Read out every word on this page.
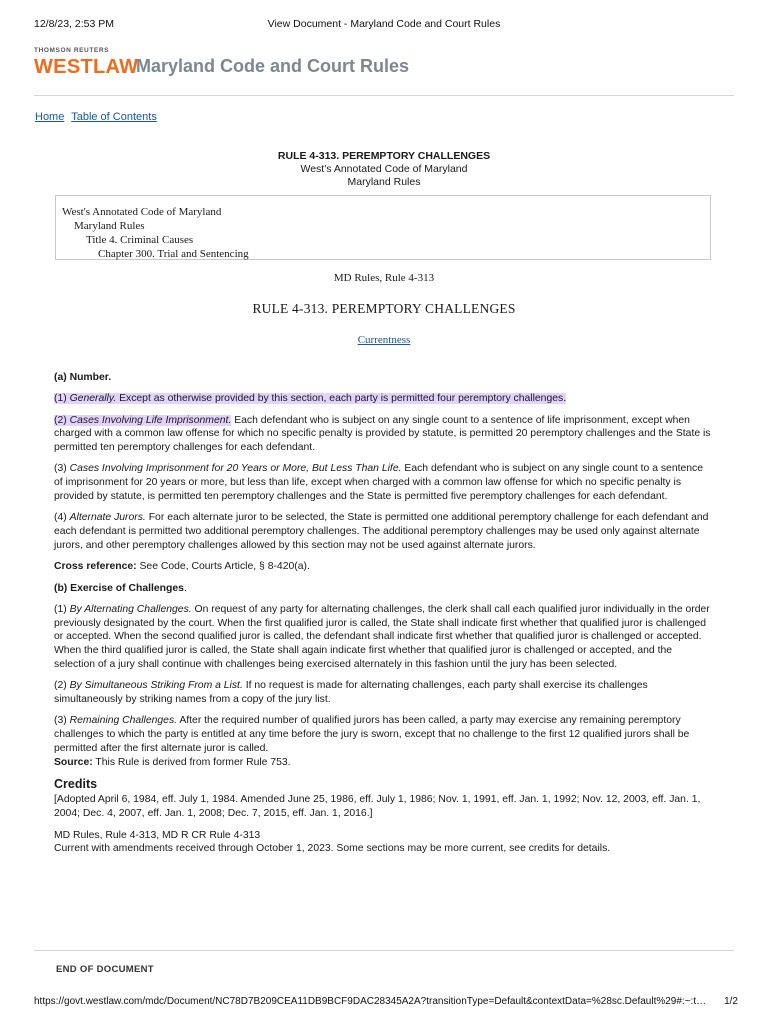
12/8/23, 2:53 PM	View Document - Maryland Code and Court Rules
THOMSON REUTERS
WESTLAW
Maryland Code and Court Rules
Home Table of Contents
RULE 4-313. PEREMPTORY CHALLENGES
West's Annotated Code of Maryland
Maryland Rules
West's Annotated Code of Maryland
Maryland Rules
Title 4. Criminal Causes
Chapter 300. Trial and Sentencing
MD Rules, Rule 4-313
RULE 4-313. PEREMPTORY CHALLENGES
Currentness

(a) Number.

(1) Generally. Except as otherwise provided by this section, each party is permitted four peremptory challenges.

(2) Cases Involving Life Imprisonment. Each defendant who is subject on any single count to a sentence of life imprisonment, except when charged with a common law offense for which no specific penalty is provided by statute, is permitted 20 peremptory challenges and the State is permitted ten peremptory challenges for each defendant.

(3) Cases Involving Imprisonment for 20 Years or More, But Less Than Life. Each defendant who is subject on any single count to a sentence of imprisonment for 20 years or more, but less than life, except when charged with a common law offense for which no specific penalty is provided by statute, is permitted ten peremptory challenges and the State is permitted five peremptory challenges for each defendant.

(4) Alternate Jurors. For each alternate juror to be selected, the State is permitted one additional peremptory challenge for each defendant and each defendant is permitted two additional peremptory challenges. The additional peremptory challenges may be used only against alternate jurors, and other peremptory challenges allowed by this section may not be used against alternate jurors.

Cross reference: See Code, Courts Article, § 8-420(a).

(b) Exercise of Challenges.

(1) By Alternating Challenges. On request of any party for alternating challenges, the clerk shall call each qualified juror individually in the order previously designated by the court. When the first qualified juror is called, the State shall indicate first whether that qualified juror is challenged or accepted. When the second qualified juror is called, the defendant shall indicate first whether that qualified juror is challenged or accepted. When the third qualified juror is called, the State shall again indicate first whether that qualified juror is challenged or accepted, and the selection of a jury shall continue with challenges being exercised alternately in this fashion until the jury has been selected.

(2) By Simultaneous Striking From a List. If no request is made for alternating challenges, each party shall exercise its challenges simultaneously by striking names from a copy of the jury list.

(3) Remaining Challenges. After the required number of qualified jurors has been called, a party may exercise any remaining peremptory challenges to which the party is entitled at any time before the jury is sworn, except that no challenge to the first 12 qualified jurors shall be permitted after the first alternate juror is called.

Source: This Rule is derived from former Rule 753.

Credits

[Adopted April 6, 1984, eff. July 1, 1984. Amended June 25, 1986, eff. July 1, 1986; Nov. 1, 1991, eff. Jan. 1, 1992; Nov. 12, 2003, eff. Jan. 1, 2004; Dec. 4, 2007, eff. Jan. 1, 2008; Dec. 7, 2015, eff. Jan. 1, 2016.]

MD Rules, Rule 4-313, MD R CR Rule 4-313

Current with amendments received through October 1, 2023. Some sections may be more current, see credits for details.

END OF DOCUMENT
https://govt.westlaw.com/mdc/Document/NC78D7B209CEA11DB9BCF9DAC28345A2A?transitionType=Default&contextData=%28sc.Default%29#:~:t…	1/2
